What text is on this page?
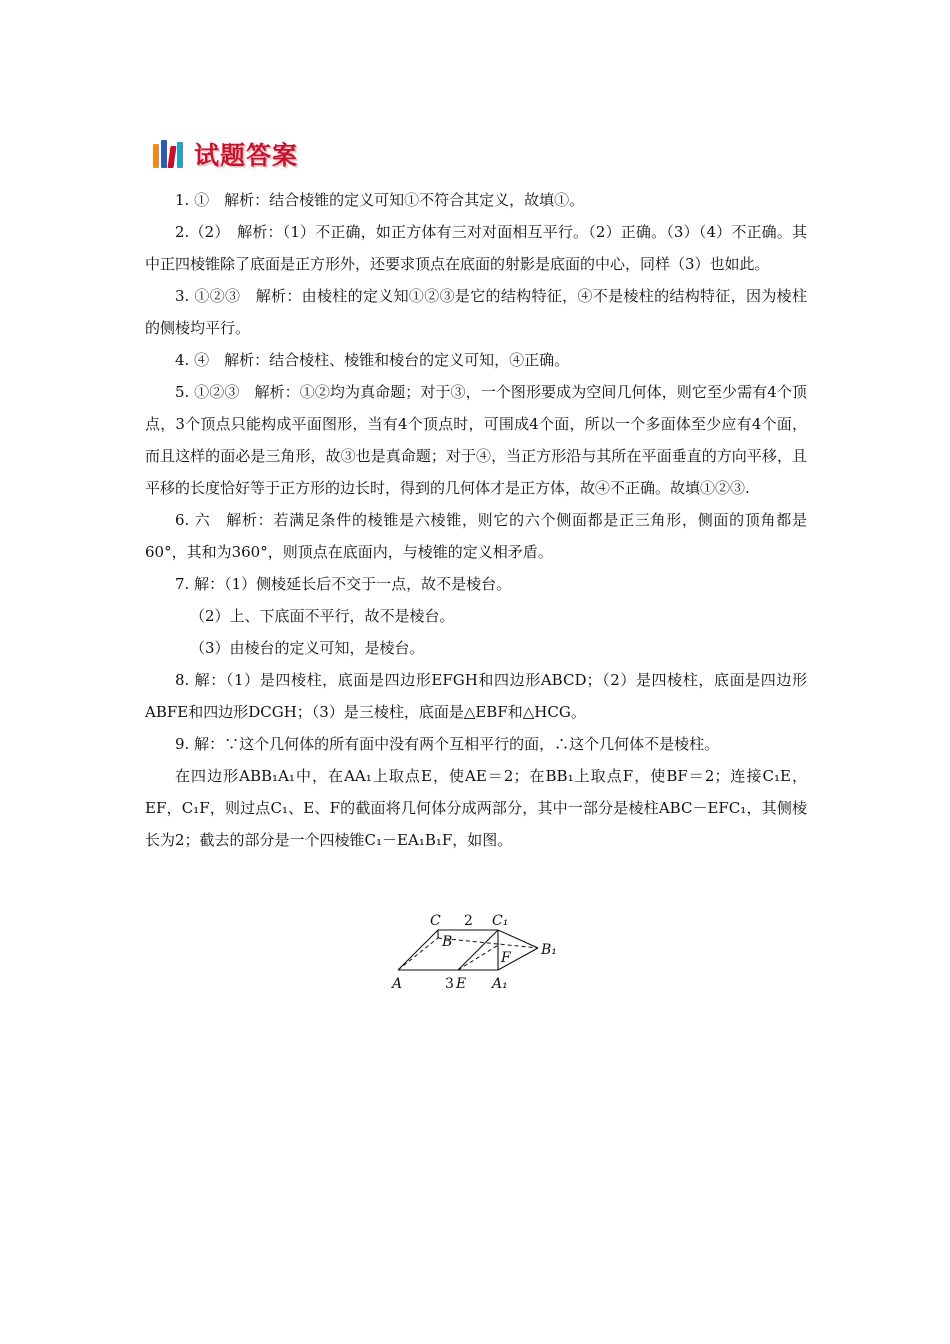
试题答案

1. ①　解析：结合棱锥的定义可知①不符合其定义，故填①。

2.（2）　解析：（1）不正确，如正方体有三对对面相互平行。（2）正确。（3）（4）不正确。其中正四棱锥除了底面是正方形外，还要求顶点在底面的射影是底面的中心，同样（3）也如此。

3. ①②③　解析：由棱柱的定义知①②③是它的结构特征，④不是棱柱的结构特征，因为棱柱的侧棱均平行。

4. ④　解析：结合棱柱、棱锥和棱台的定义可知，④正确。

5. ①②③　解析：①②均为真命题；对于③，一个图形要成为空间几何体，则它至少需有4个顶点，3个顶点只能构成平面图形，当有4个顶点时，可围成4个面，所以一个多面体至少应有4个面，而且这样的面必是三角形，故③也是真命题；对于④，当正方形沿与其所在平面垂直的方向平移，且平移的长度恰好等于正方形的边长时，得到的几何体才是正方体，故④不正确。故填①②③.

6. 六　解析：若满足条件的棱锥是六棱锥，则它的六个侧面都是正三角形，侧面的顶角都是60°，其和为360°，则顶点在底面内，与棱锥的定义相矛盾。

7. 解：（1）侧棱延长后不交于一点，故不是棱台。

（2）上、下底面不平行，故不是棱台。

（3）由棱台的定义可知，是棱台。

8. 解：（1）是四棱柱，底面是四边形EFGH和四边形ABCD；（2）是四棱柱，底面是四边形ABFE和四边形DCGH；（3）是三棱柱，底面是△EBF和△HCG。

9. 解：∵这个几何体的所有面中没有两个互相平行的面，∴这个几何体不是棱柱。

在四边形ABB₁A₁中，在AA₁上取点E，使AE＝2；在BB₁上取点F，使BF＝2；连接C₁E，EF，C₁F，则过点C₁、E、F的截面将几何体分成两部分，其中一部分是棱柱ABC－EFC₁，其侧棱长为2；截去的部分是一个四棱锥C₁－EA₁B₁F，如图。

C 2 C₁
B	B₁
F
A	3 E A₁
